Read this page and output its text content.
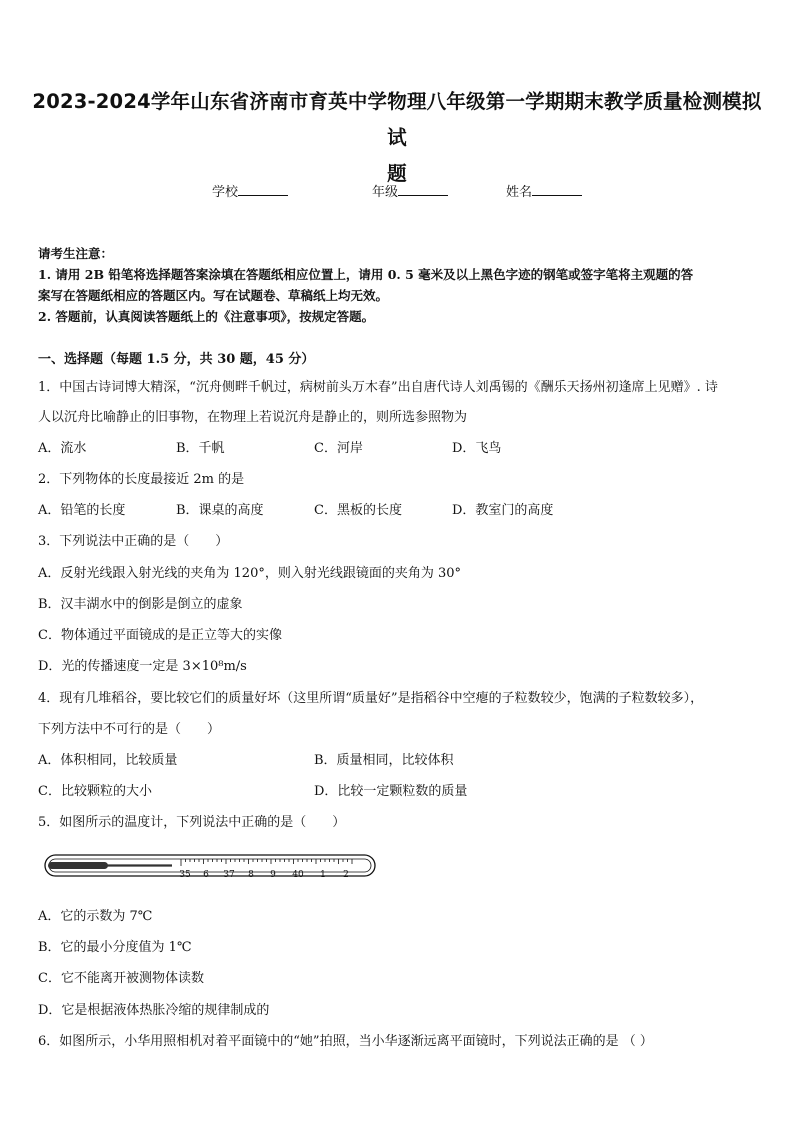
2023-2024学年山东省济南市育英中学物理八年级第一学期期末教学质量检测模拟试
题
学校	年级	姓名
请考生注意：
1. 请用 2B 铅笔将选择题答案涂填在答题纸相应位置上，请用 0. 5 毫米及以上黑色字迹的钢笔或签字笔将主观题的答
案写在答题纸相应的答题区内。写在试题卷、草稿纸上均无效。
2. 答题前，认真阅读答题纸上的《注意事项》，按规定答题。
一、选择题（每题 1.5 分，共 30 题，45 分）
1．中国古诗词博大精深，“沉舟侧畔千帆过，病树前头万木春”出自唐代诗人刘禹锡的《酬乐天扬州初逢席上见赠》. 诗
人以沉舟比喻静止的旧事物，在物理上若说沉舟是静止的，则所选参照物为
A．流水	B．千帆	C．河岸	D．飞鸟
2．下列物体的长度最接近 2m 的是
A．铅笔的长度	B．课桌的高度	C．黑板的长度	D．教室门的高度
3．下列说法中正确的是（　　）
A．反射光线跟入射光线的夹角为 120°，则入射光线跟镜面的夹角为 30°
B．汉丰湖水中的倒影是倒立的虚象
C．物体通过平面镜成的是正立等大的实像
D．光的传播速度一定是 3×10⁸m/s
4．现有几堆稻谷，要比较它们的质量好坏（这里所谓“质量好”是指稻谷中空瘪的子粒数较少，饱满的子粒数较多），
下列方法中不可行的是（　　）
A．体积相同，比较质量	B．质量相同，比较体积
C．比较颗粒的大小	D．比较一定颗粒数的质量
5．如图所示的温度计，下列说法中正确的是（　　）
35 6 37 8 9 40 1 2
A．它的示数为 7℃
B．它的最小分度值为 1℃
C．它不能离开被测物体读数
D．它是根据液体热胀冷缩的规律制成的
6．如图所示，小华用照相机对着平面镜中的“她”拍照，当小华逐渐远离平面镜时，下列说法正确的是 （ ）
